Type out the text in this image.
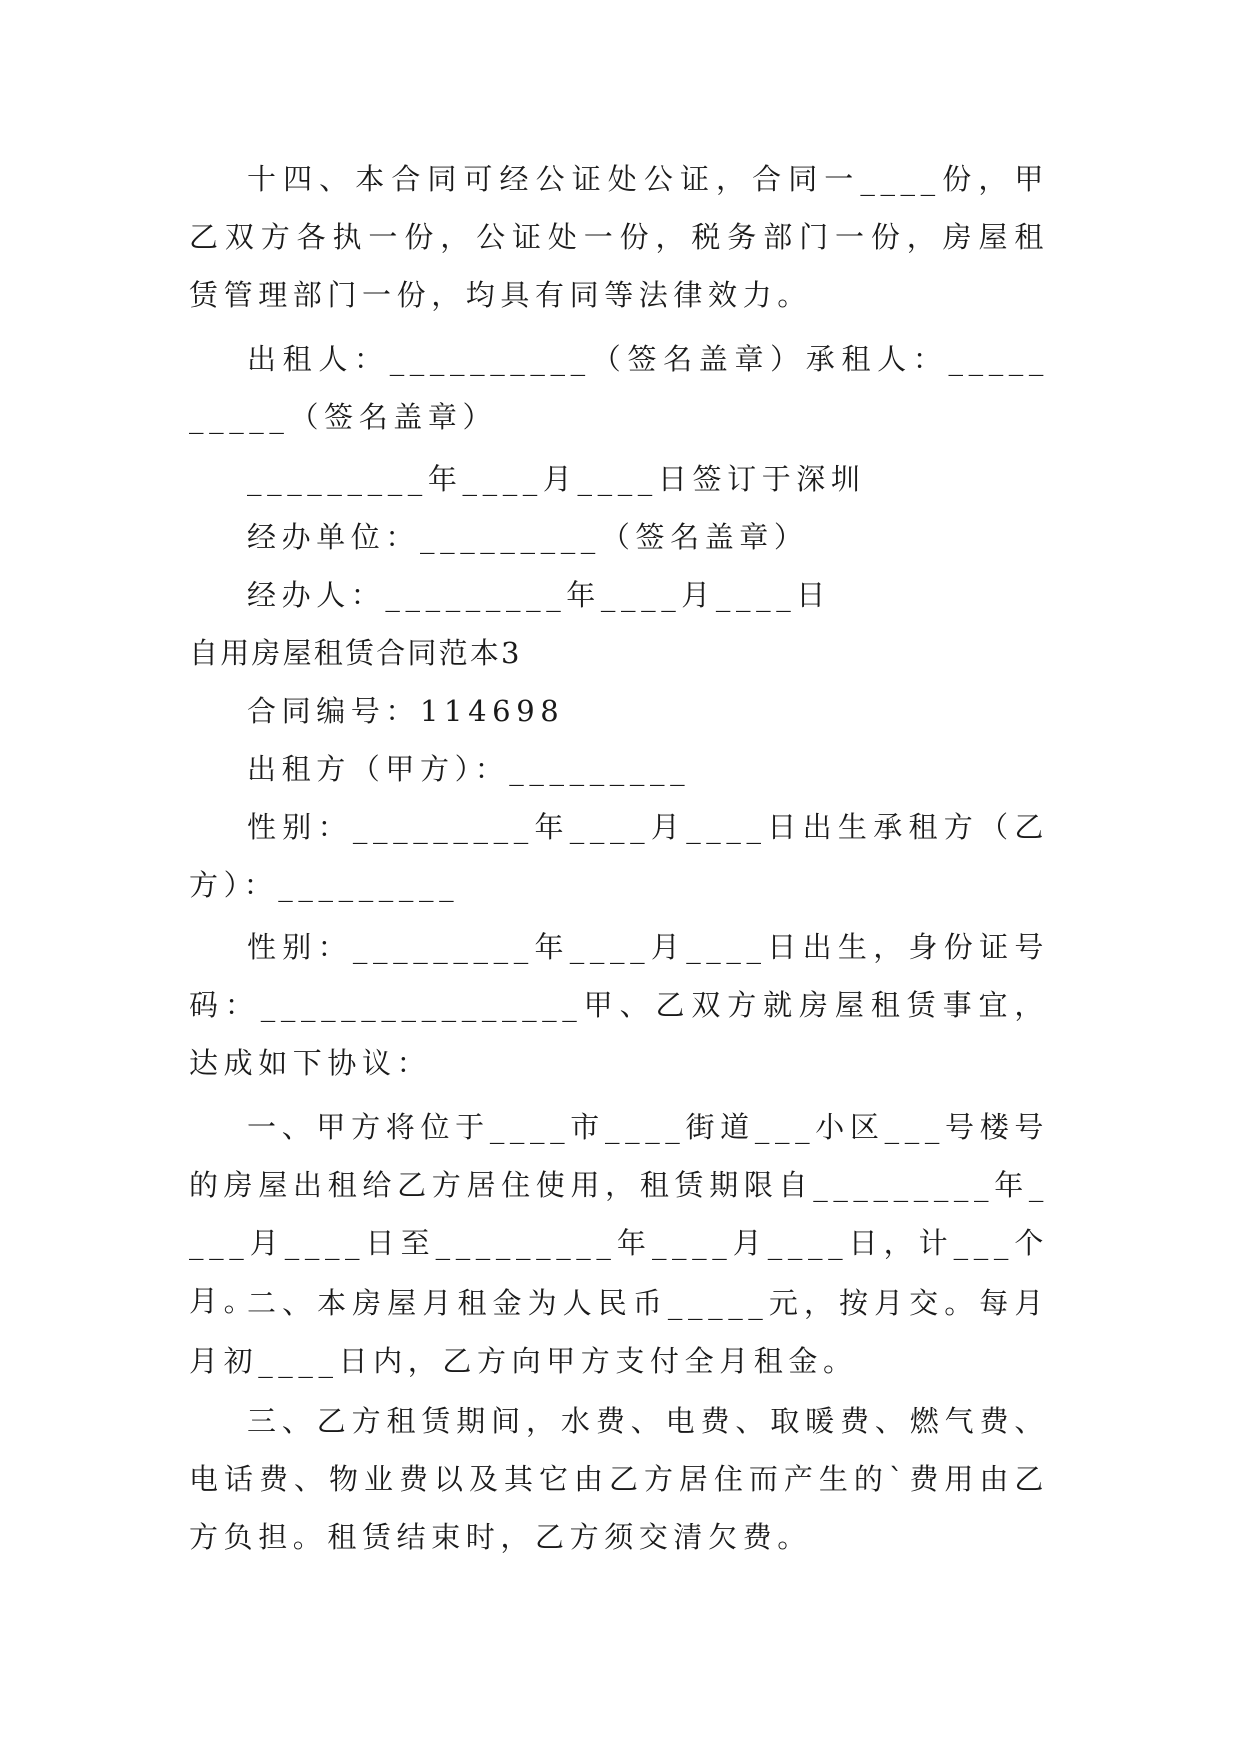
十四、本合同可经公证处公证，合同一____份，甲乙双方各执一份，公证处一份，税务部门一份，房屋租赁管理部门一份，均具有同等法律效力。

出租人：__________（签名盖章）承租人：__________（签名盖章）

_________年____月____日签订于深圳

经办单位：_________（签名盖章）

经办人：_________年____月____日

自用房屋租赁合同范本3

合同编号：114698

出租方（甲方）：_________

性别：_________年____月____日出生承租方（乙方）：_________

性别：_________年____月____日出生，身份证号码：________________甲、乙双方就房屋租赁事宜，达成如下协议：

一、甲方将位于____市____街道___小区___号楼号的房屋出租给乙方居住使用，租赁期限自_________年____月____日至_________年____月____日，计___个月。

二、本房屋月租金为人民币_____元，按月交。每月月初____日内，乙方向甲方支付全月租金。

三、乙方租赁期间，水费、电费、取暖费、燃气费、电话费、物业费以及其它由乙方居住而产生的`费用由乙方负担。租赁结束时，乙方须交清欠费。
